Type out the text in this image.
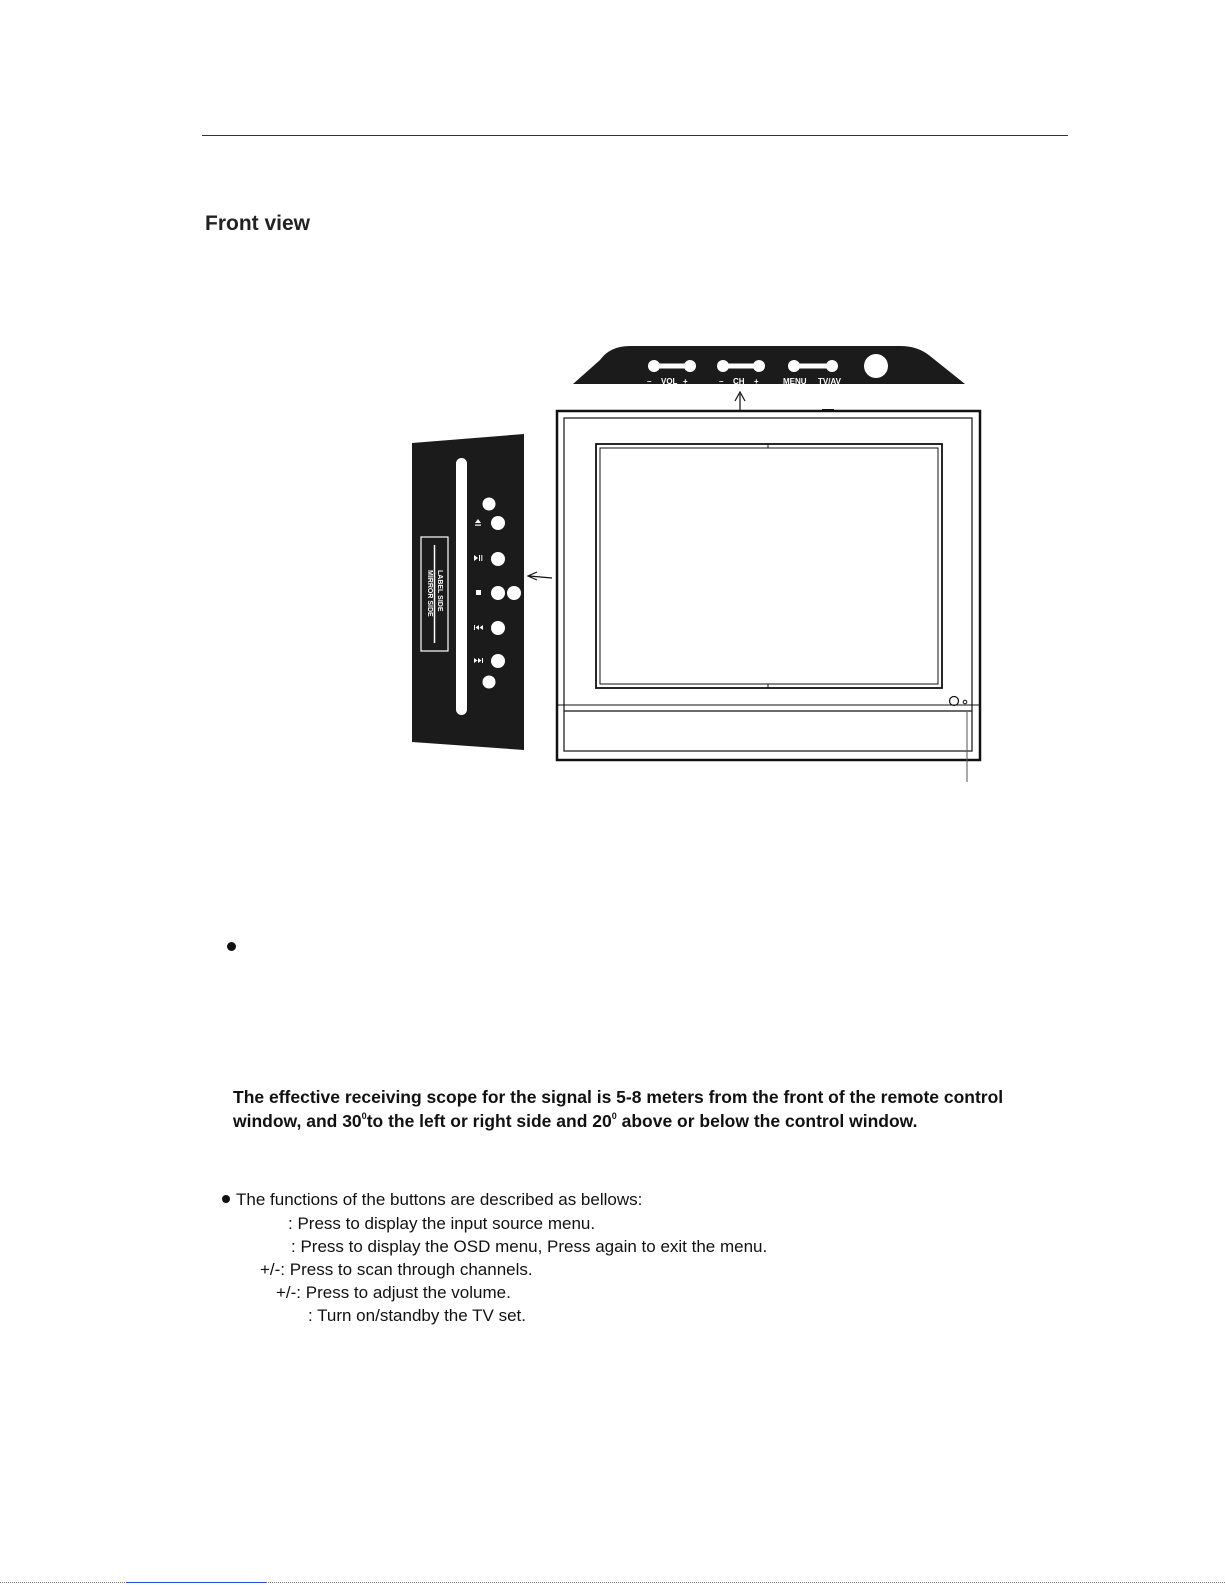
Front view
– VOL +	– CH +	MENU TV/AV
LABEL SIDE
MIRROR SIDE
The effective receiving scope for the signal is 5-8 meters from the front of the remote control window, and $30^0to$ the left or right side and $20^0$ above or below the control window.
The functions of the buttons are described as bellows:
: Press to display the input source menu.
: Press to display the OSD menu, Press again to exit the menu.
+/-: Press to scan through channels.
+/-: Press to adjust the volume.
: Turn on/standby the TV set.
